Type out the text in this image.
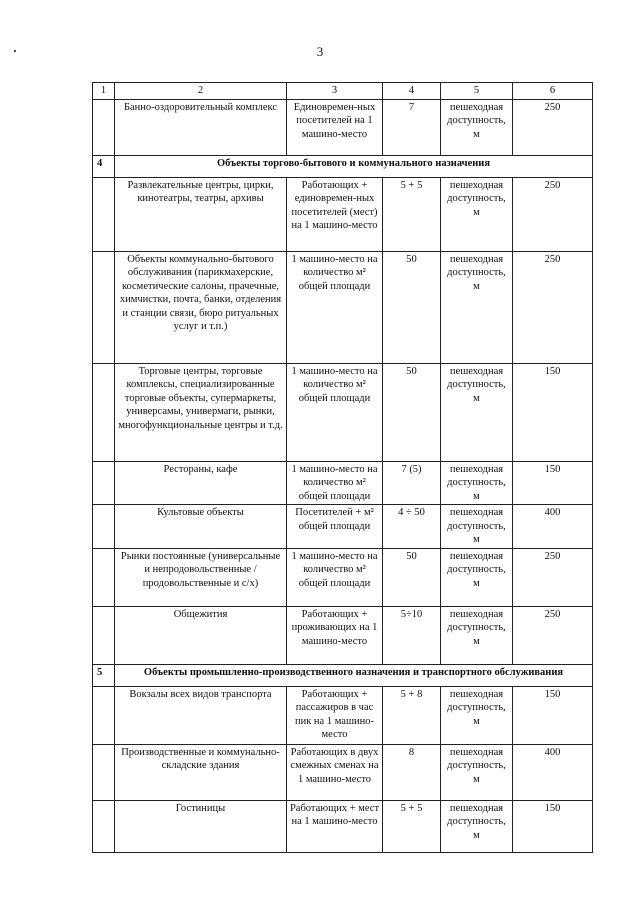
3
1	2	3	4	5	6
	Банно-оздоровительный комплекс	Единовремен-ных посетителей на 1 машино-место	7	пешеходная доступность, м	250
4	Объекты торгово-бытового и коммунального назначения				
	Развлекательные центры, цирки, кинотеатры, театры, архивы	Работающих + единовремен-ных посетителей (мест) на 1 машино-место	5 + 5	пешеходная доступность, м	250
	Объекты коммунально-бытового обслуживания (парикмахерские, косметические салоны, прачечные, химчистки, почта, банки, отделения и станции связи, бюро ритуальных услуг и т.п.)	1 машино-место на количество м² общей площади	50	пешеходная доступность, м	250
	Торговые центры, торговые комплексы, специализированные торговые объекты, супермаркеты, универсамы, универмаги, рынки, многофункциональные центры и т.д.	1 машино-место на количество м² общей площади	50	пешеходная доступность, м	150
	Рестораны, кафе	1 машино-место на количество м² общей площади	7 (5)	пешеходная доступность, м	150
	Культовые объекты	Посетителей + м² общей площади	4 ÷ 50	пешеходная доступность, м	400
	Рынки постоянные (универсальные и непродовольственные / продовольственные и с/х)	1 машино-место на количество м² общей площади	50	пешеходная доступность, м	250
	Общежития	Работающих + проживающих на 1 машино-место	5÷10	пешеходная доступность, м	250
5	Объекты промышленно-производственного назначения и транспортного обслуживания				
	Вокзалы всех видов транспорта	Работающих + пассажиров в час пик на 1 машино-место	5 + 8	пешеходная доступность, м	150
	Производственные и коммунально-складские здания	Работающих в двух смежных сменах на 1 машино-место	8	пешеходная доступность, м	400
	Гостиницы	Работающих + мест на 1 машино-место	5 + 5	пешеходная доступность, м	150
